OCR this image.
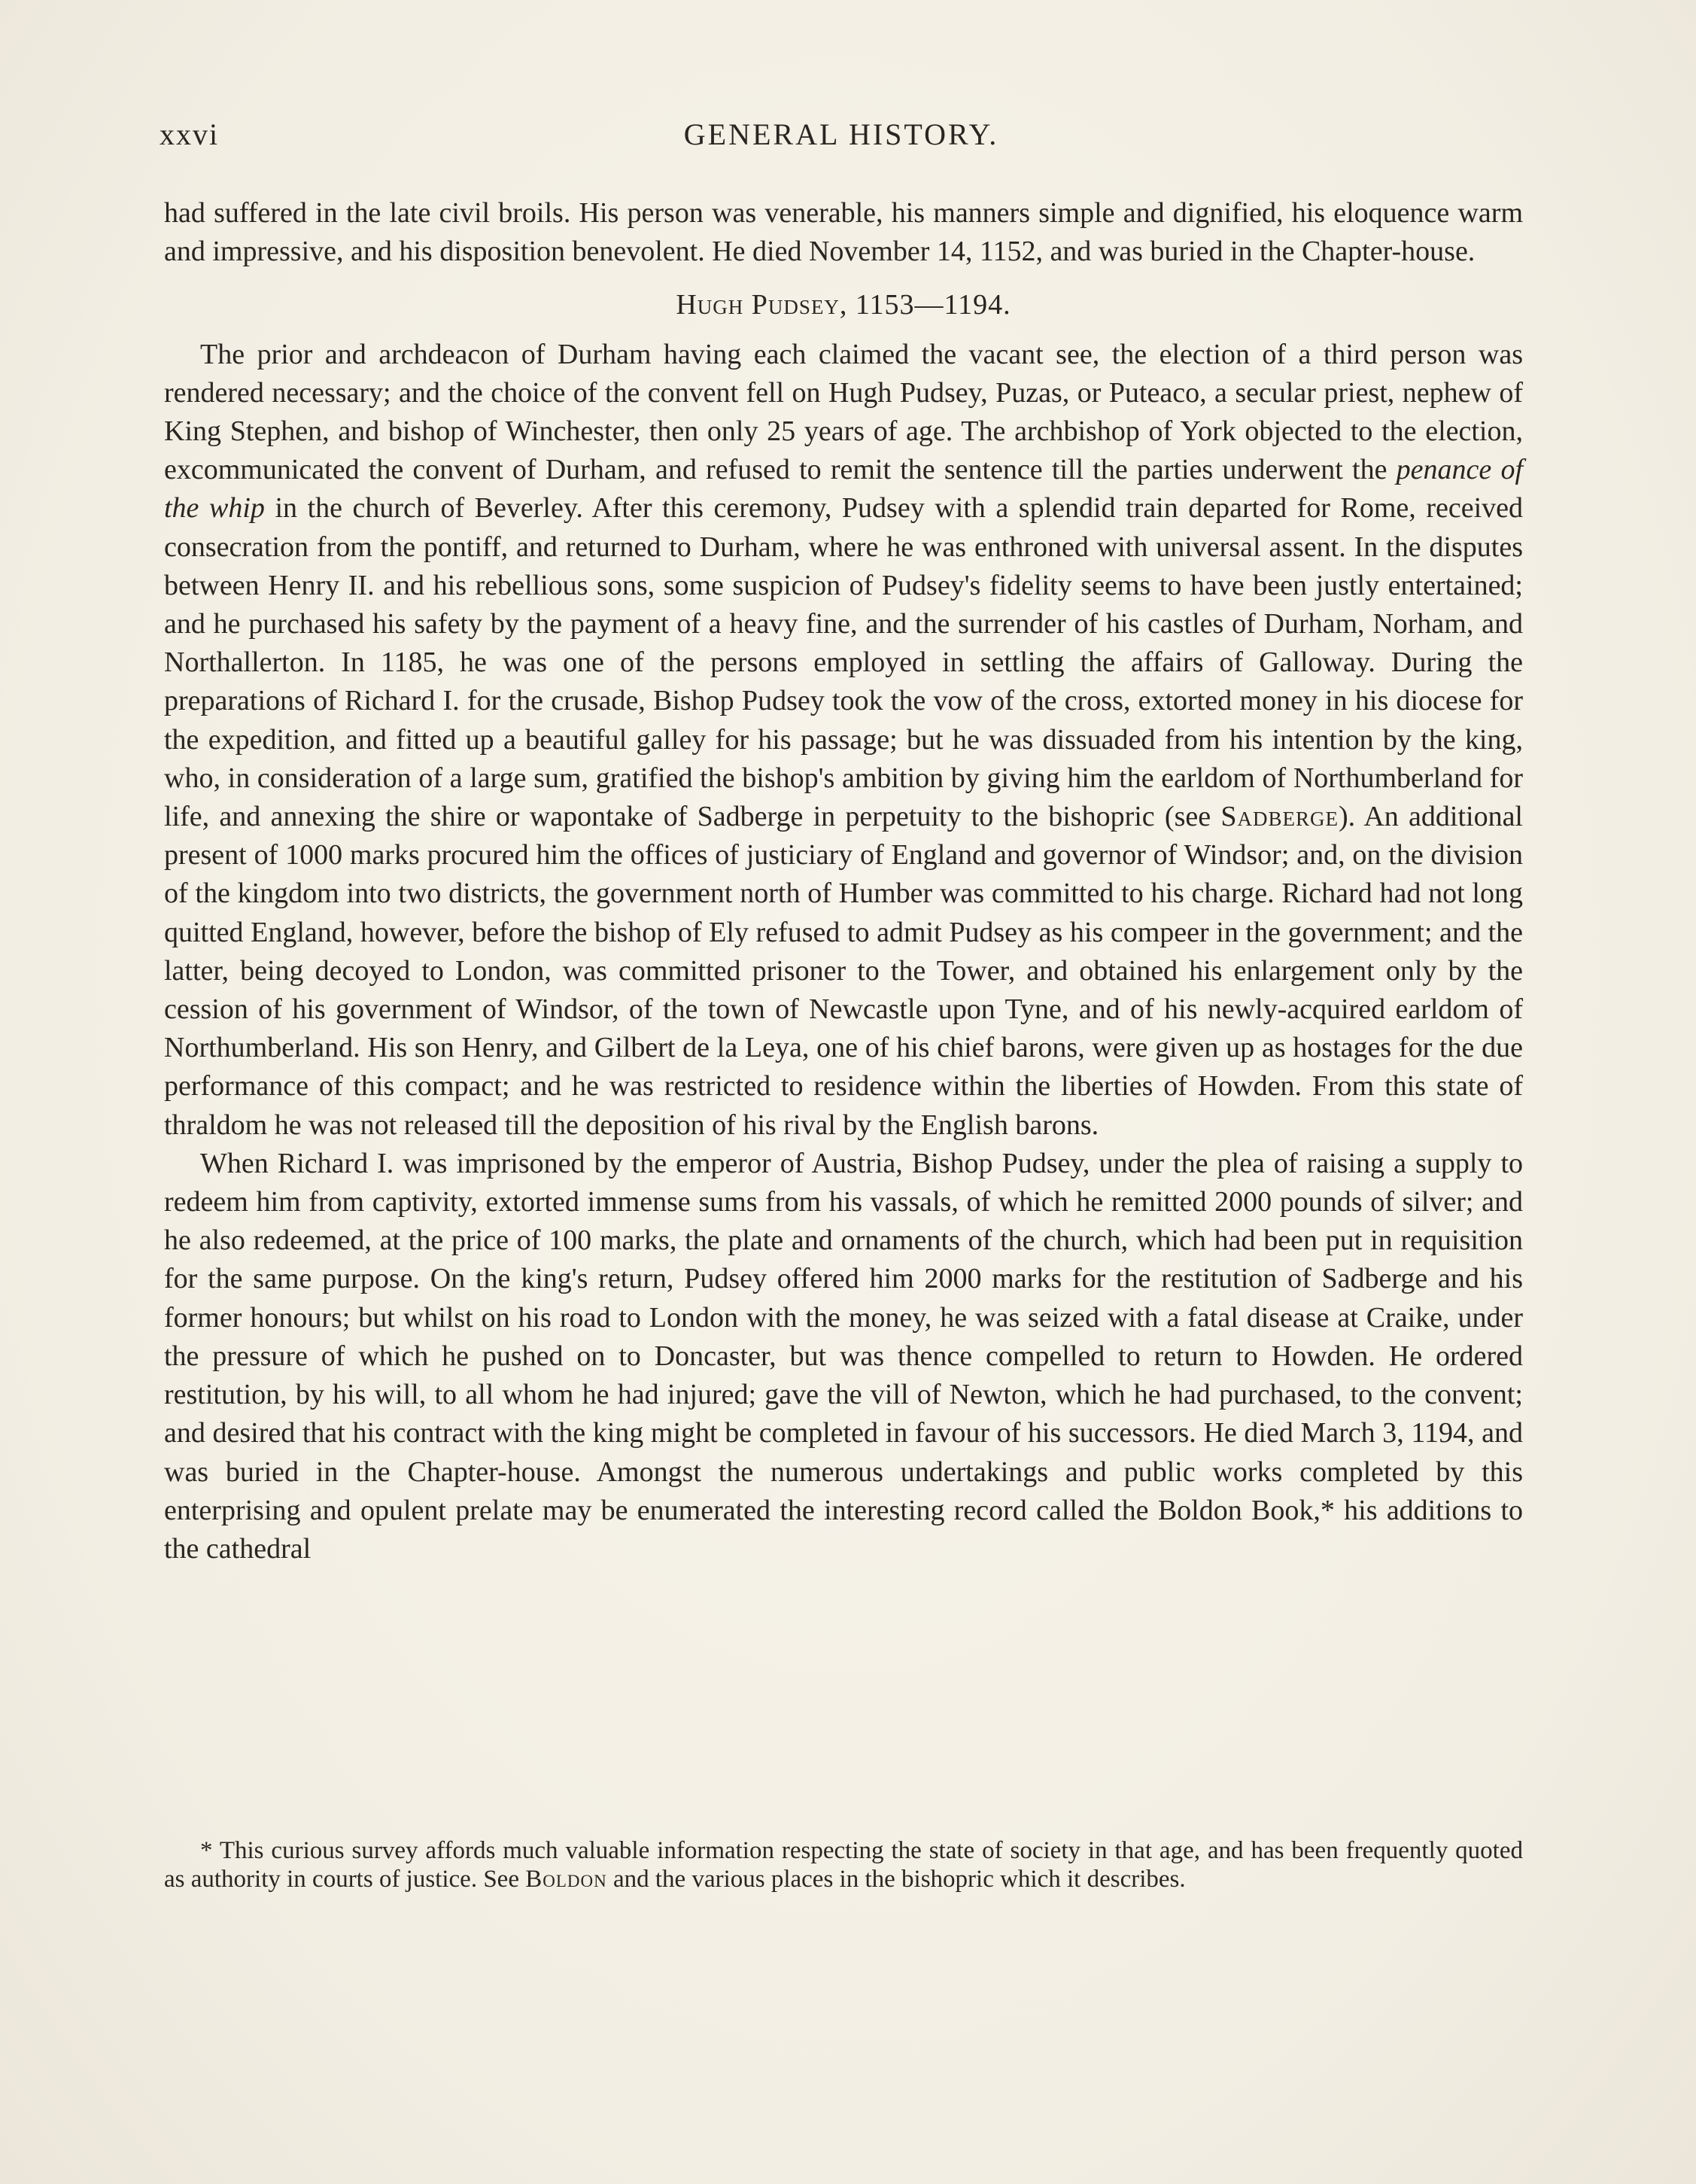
xxvi	GENERAL HISTORY.

had suffered in the late civil broils. His person was venerable, his manners simple and dignified, his eloquence warm and impressive, and his disposition benevolent. He died November 14, 1152, and was buried in the Chapter-house.

Hugh Pudsey, 1153—1194.

The prior and archdeacon of Durham having each claimed the vacant see, the election of a third person was rendered necessary; and the choice of the convent fell on Hugh Pudsey, Puzas, or Puteaco, a secular priest, nephew of King Stephen, and bishop of Winchester, then only 25 years of age. The archbishop of York objected to the election, excommunicated the convent of Durham, and refused to remit the sentence till the parties underwent the penance of the whip in the church of Beverley. After this ceremony, Pudsey with a splendid train departed for Rome, received consecration from the pontiff, and returned to Durham, where he was enthroned with universal assent. In the disputes between Henry II. and his rebellious sons, some suspicion of Pudsey's fidelity seems to have been justly entertained; and he purchased his safety by the payment of a heavy fine, and the surrender of his castles of Durham, Norham, and Northallerton. In 1185, he was one of the persons employed in settling the affairs of Galloway. During the preparations of Richard I. for the crusade, Bishop Pudsey took the vow of the cross, extorted money in his diocese for the expedition, and fitted up a beautiful galley for his passage; but he was dissuaded from his intention by the king, who, in consideration of a large sum, gratified the bishop's ambition by giving him the earldom of Northumberland for life, and annexing the shire or wapontake of Sadberge in perpetuity to the bishopric (see Sadberge). An additional present of 1000 marks procured him the offices of justiciary of England and governor of Windsor; and, on the division of the kingdom into two districts, the government north of Humber was committed to his charge. Richard had not long quitted England, however, before the bishop of Ely refused to admit Pudsey as his compeer in the government; and the latter, being decoyed to London, was committed prisoner to the Tower, and obtained his enlargement only by the cession of his government of Windsor, of the town of Newcastle upon Tyne, and of his newly-acquired earldom of Northumberland. His son Henry, and Gilbert de la Leya, one of his chief barons, were given up as hostages for the due performance of this compact; and he was restricted to residence within the liberties of Howden. From this state of thraldom he was not released till the deposition of his rival by the English barons.

When Richard I. was imprisoned by the emperor of Austria, Bishop Pudsey, under the plea of raising a supply to redeem him from captivity, extorted immense sums from his vassals, of which he remitted 2000 pounds of silver; and he also redeemed, at the price of 100 marks, the plate and ornaments of the church, which had been put in requisition for the same purpose. On the king's return, Pudsey offered him 2000 marks for the restitution of Sadberge and his former honours; but whilst on his road to London with the money, he was seized with a fatal disease at Craike, under the pressure of which he pushed on to Doncaster, but was thence compelled to return to Howden. He ordered restitution, by his will, to all whom he had injured; gave the vill of Newton, which he had purchased, to the convent; and desired that his contract with the king might be completed in favour of his successors. He died March 3, 1194, and was buried in the Chapter-house. Amongst the numerous undertakings and public works completed by this enterprising and opulent prelate may be enumerated the interesting record called the Boldon Book,* his additions to the cathedral

* This curious survey affords much valuable information respecting the state of society in that age, and has been frequently quoted as authority in courts of justice. See Boldon and the various places in the bishopric which it describes.
